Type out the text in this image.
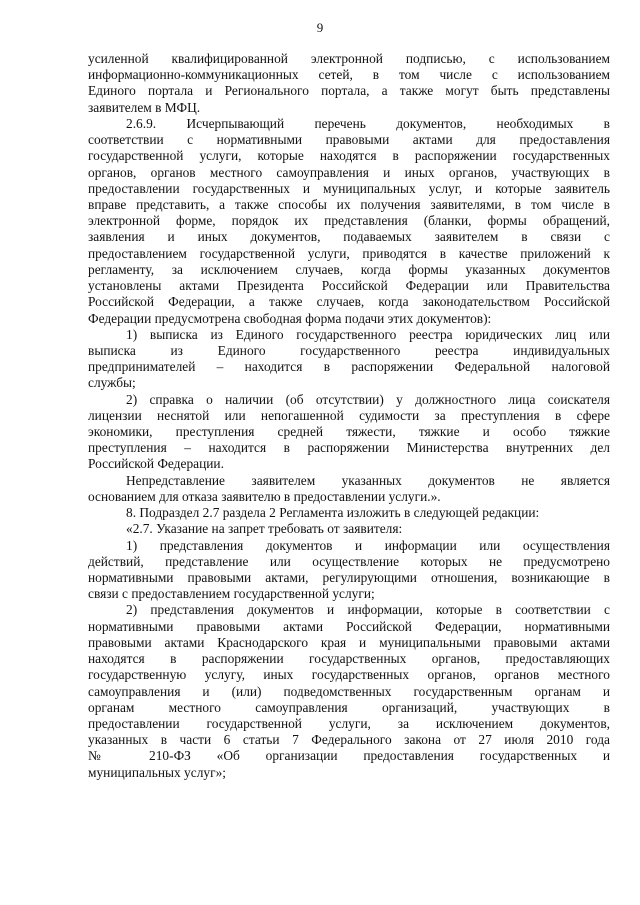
9
усиленной квалифицированной электронной подписью, с использованием
информационно-коммуникационных сетей, в том числе с использованием
Единого портала и Регионального портала, а также могут быть представлены
заявителем в МФЦ.
2.6.9. Исчерпывающий перечень документов, необходимых в
соответствии с нормативными правовыми актами для предоставления
государственной услуги, которые находятся в распоряжении государственных
органов, органов местного самоуправления и иных органов, участвующих в
предоставлении государственных и муниципальных услуг, и которые заявитель
вправе представить, а также способы их получения заявителями, в том числе в
электронной форме, порядок их представления (бланки, формы обращений,
заявления и иных документов, подаваемых заявителем в связи с
предоставлением государственной услуги, приводятся в качестве приложений к
регламенту, за исключением случаев, когда формы указанных документов
установлены актами Президента Российской Федерации или Правительства
Российской Федерации, а также случаев, когда законодательством Российской
Федерации предусмотрена свободная форма подачи этих документов):
1) выписка из Единого государственного реестра юридических лиц или
выписка из Единого государственного реестра индивидуальных
предпринимателей – находится в распоряжении Федеральной налоговой
службы;
2) справка о наличии (об отсутствии) у должностного лица соискателя
лицензии неснятой или непогашенной судимости за преступления в сфере
экономики, преступления средней тяжести, тяжкие и особо тяжкие
преступления – находится в распоряжении Министерства внутренних дел
Российской Федерации.
Непредставление заявителем указанных документов не является
основанием для отказа заявителю в предоставлении услуги.».
8. Подраздел 2.7 раздела 2 Регламента изложить в следующей редакции:
«2.7. Указание на запрет требовать от заявителя:
1) представления документов и информации или осуществления
действий, представление или осуществление которых не предусмотрено
нормативными правовыми актами, регулирующими отношения, возникающие в
связи с предоставлением государственной услуги;
2) представления документов и информации, которые в соответствии с
нормативными правовыми актами Российской Федерации, нормативными
правовыми актами Краснодарского края и муниципальными правовыми актами
находятся в распоряжении государственных органов, предоставляющих
государственную услугу, иных государственных органов, органов местного
самоуправления и (или) подведомственных государственным органам и
органам местного самоуправления организаций, участвующих в
предоставлении государственной услуги, за исключением документов,
указанных в части 6 статьи 7 Федерального закона от 27 июля 2010 года
№ 210-ФЗ «Об организации предоставления государственных и
муниципальных услуг»;
